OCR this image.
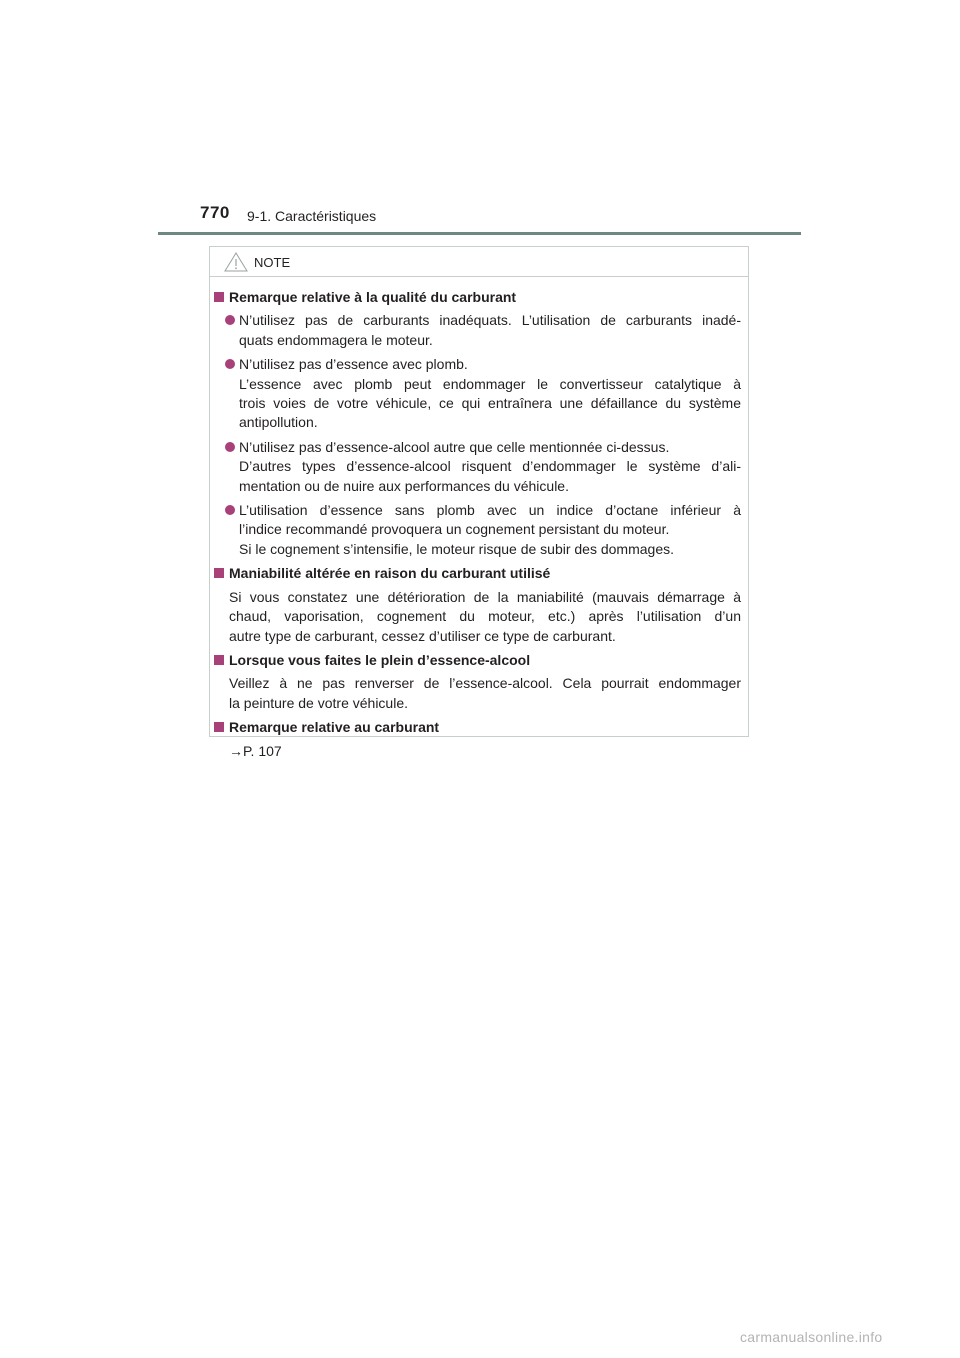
770 9-1. Caractéristiques
NOTE
Remarque relative à la qualité du carburant
N’utilisez pas de carburants inadéquats. L’utilisation de carburants inadé-
quats endommagera le moteur.
N’utilisez pas d’essence avec plomb.
L’essence avec plomb peut endommager le convertisseur catalytique à
trois voies de votre véhicule, ce qui entraînera une défaillance du système
antipollution.
N’utilisez pas d’essence-alcool autre que celle mentionnée ci-dessus.
D’autres types d’essence-alcool risquent d’endommager le système d’ali-
mentation ou de nuire aux performances du véhicule.
L’utilisation d’essence sans plomb avec un indice d’octane inférieur à
l’indice recommandé provoquera un cognement persistant du moteur.
Si le cognement s’intensifie, le moteur risque de subir des dommages.
Maniabilité altérée en raison du carburant utilisé
Si vous constatez une détérioration de la maniabilité (mauvais démarrage à
chaud, vaporisation, cognement du moteur, etc.) après l’utilisation d’un
autre type de carburant, cessez d’utiliser ce type de carburant.
Lorsque vous faites le plein d’essence-alcool
Veillez à ne pas renverser de l’essence-alcool. Cela pourrait endommager
la peinture de votre véhicule.
Remarque relative au carburant
→P. 107
carmanualsonline.info
